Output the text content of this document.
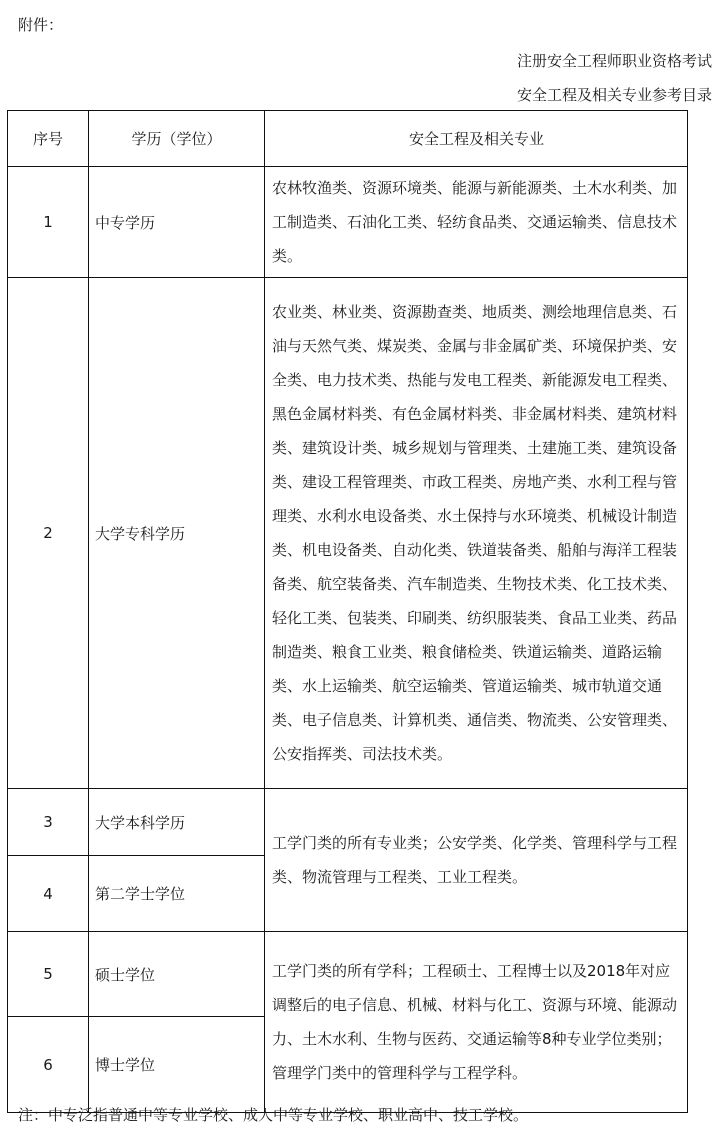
附件：
注册安全工程师职业资格考试
安全工程及相关专业参考目录
序号	学历（学位）	安全工程及相关专业
1	中专学历	农林牧渔类、资源环境类、能源与新能源类、土木水利类、加工制造类、石油化工类、轻纺食品类、交通运输类、信息技术类。
2	大学专科学历	农业类、林业类、资源勘查类、地质类、测绘地理信息类、石油与天然气类、煤炭类、金属与非金属矿类、环境保护类、安全类、电力技术类、热能与发电工程类、新能源发电工程类、黑色金属材料类、有色金属材料类、非金属材料类、建筑材料类、建筑设计类、城乡规划与管理类、土建施工类、建筑设备类、建设工程管理类、市政工程类、房地产类、水利工程与管理类、水利水电设备类、水土保持与水环境类、机械设计制造类、机电设备类、自动化类、铁道装备类、船舶与海洋工程装备类、航空装备类、汽车制造类、生物技术类、化工技术类、轻化工类、包装类、印刷类、纺织服装类、食品工业类、药品制造类、粮食工业类、粮食储检类、铁道运输类、道路运输类、水上运输类、航空运输类、管道运输类、城市轨道交通类、电子信息类、计算机类、通信类、物流类、公安管理类、公安指挥类、司法技术类。
3	大学本科学历	工学门类的所有专业类；公安学类、化学类、管理科学与工程类、物流管理与工程类、工业工程类。
4	第二学士学位	
5	硕士学位	工学门类的所有学科；工程硕士、工程博士以及2018年对应调整后的电子信息、机械、材料与化工、资源与环境、能源动力、土木水利、生物与医药、交通运输等8种专业学位类别；管理学门类中的管理科学与工程学科。
6	博士学位	
注：中专泛指普通中等专业学校、成人中等专业学校、职业高中、技工学校。
